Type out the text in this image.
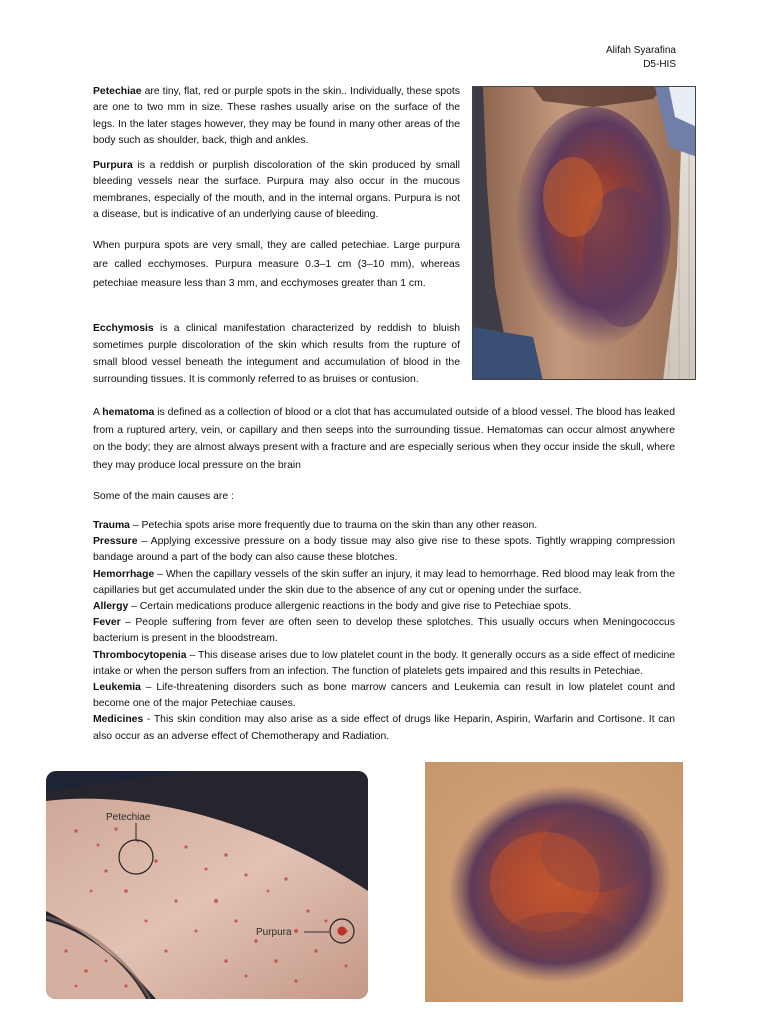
Alifah Syarafina
D5-HIS

Petechiae are tiny, flat, red or purple spots in the skin.. Individually, these spots are one to two mm in size. These rashes usually arise on the surface of the legs. In the later stages however, they may be found in many other areas of the body such as shoulder, back, thigh and ankles.

Purpura is a reddish or purplish discoloration of the skin produced by small bleeding vessels near the surface. Purpura may also occur in the mucous membranes, especially of the mouth, and in the internal organs. Purpura is not a disease, but is indicative of an underlying cause of bleeding.

When purpura spots are very small, they are called petechiae. Large purpura are called ecchymoses. Purpura measure 0.3–1 cm (3–10 mm), whereas petechiae measure less than 3 mm, and ecchymoses greater than 1 cm.

Ecchymosis is a clinical manifestation characterized by reddish to bluish sometimes purple discoloration of the skin which results from the rupture of small blood vessel beneath the integument and accumulation of blood in the surrounding tissues. It is commonly referred to as bruises or contusion.

A hematoma is defined as a collection of blood or a clot that has accumulated outside of a blood vessel. The blood has leaked from a ruptured artery, vein, or capillary and then seeps into the surrounding tissue. Hematomas can occur almost anywhere on the body; they are almost always present with a fracture and are especially serious when they occur inside the skull, where they may produce local pressure on the brain

Some of the main causes are :

Trauma – Petechia spots arise more frequently due to trauma on the skin than any other reason.
Pressure – Applying excessive pressure on a body tissue may also give rise to these spots. Tightly wrapping compression bandage around a part of the body can also cause these blotches.
Hemorrhage – When the capillary vessels of the skin suffer an injury, it may lead to hemorrhage. Red blood may leak from the capillaries but get accumulated under the skin due to the absence of any cut or opening under the surface.
Allergy – Certain medications produce allergenic reactions in the body and give rise to Petechiae spots.
Fever – People suffering from fever are often seen to develop these splotches. This usually occurs when Meningococcus bacterium is present in the bloodstream.
Thrombocytopenia – This disease arises due to low platelet count in the body. It generally occurs as a side effect of medicine intake or when the person suffers from an infection. The function of platelets gets impaired and this results in Petechiae.
Leukemia – Life-threatening disorders such as bone marrow cancers and Leukemia can result in low platelet count and become one of the major Petechiae causes.
Medicines - This skin condition may also arise as a side effect of drugs like Heparin, Aspirin, Warfarin and Cortisone. It can also occur as an adverse effect of Chemotherapy and Radiation.
Petechiae
Purpura
